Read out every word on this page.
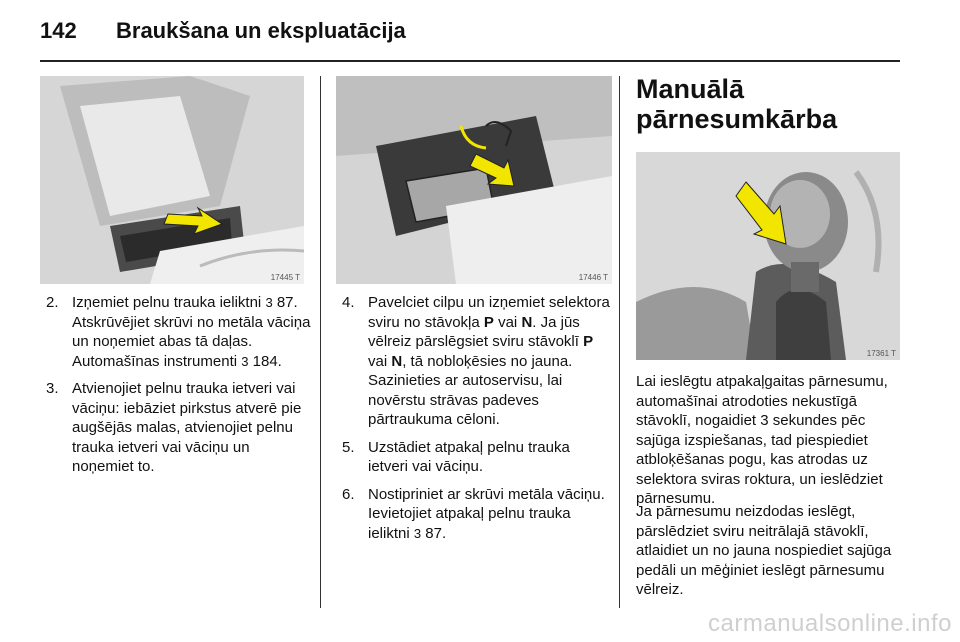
142 Braukšana un ekspluatācija
17445 T	17446 T
17361 T
2. Izņemiet pelnu trauka ieliktni 3 87. Atskrūvējiet skrūvi no metāla vāciņa un noņemiet abas tā daļas. Automašīnas instrumenti 3 184.
3. Atvienojiet pelnu trauka ietveri vai vāciņu: iebāziet pirkstus atverē pie augšējās malas, atvienojiet pelnu trauka ietveri vai vāciņu un noņemiet to.
4. Pavelciet cilpu un izņemiet selektora sviru no stāvokļa P vai N. Ja jūs vēlreiz pārslēgsiet sviru stāvoklī P vai N, tā nobloķēsies no jauna. Sazinieties ar autoservisu, lai novērstu strāvas padeves pārtraukuma cēloni.
5. Uzstādiet atpakaļ pelnu trauka ietveri vai vāciņu.
6. Nostipriniet ar skrūvi metāla vāciņu. Ievietojiet atpakaļ pelnu trauka ieliktni 3 87.
Manuālā pārnesumkārba

Lai ieslēgtu atpakaļgaitas pārnesumu, automašīnai atrodoties nekustīgā stāvoklī, nogaidiet 3 sekundes pēc sajūga izspiešanas, tad piespiediet atbloķēšanas pogu, kas atrodas uz selektora sviras roktura, un ieslēdziet pārnesumu.

Ja pārnesumu neizdodas ieslēgt, pārslēdziet sviru neitrālajā stāvoklī, atlaidiet un no jauna nospiediet sajūga pedāli un mēģiniet ieslēgt pārnesumu vēlreiz.

carmanualsonline.info
